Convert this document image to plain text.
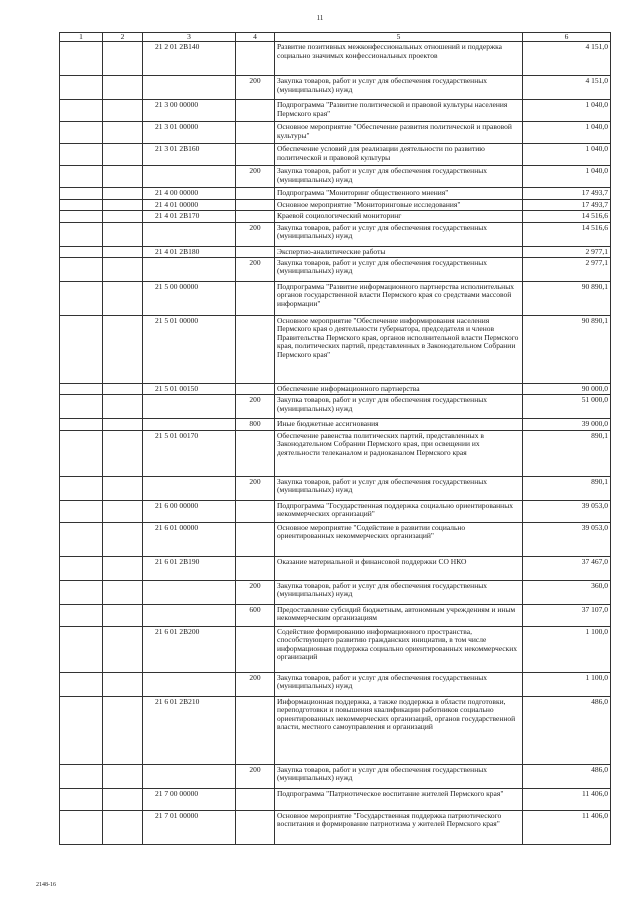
11
1	2	3	4	5	6
		21 2 01 2В140		Развитие позитивных межконфессиональных отношений и поддержка социально значимых конфессиональных проектов	4 151,0
			200	Закупка товаров, работ и услуг для обеспечения государственных (муниципальных) нужд	4 151,0
		21 3 00 00000		Подпрограмма "Развитие политической и правовой культуры населения Пермского края"	1 040,0
		21 3 01 00000		Основное мероприятие "Обеспечение развития политической и правовой культуры"	1 040,0
		21 3 01 2В160		Обеспечение условий для реализации деятельности по развитию политической и правовой культуры	1 040,0
			200	Закупка товаров, работ и услуг для обеспечения государственных (муниципальных) нужд	1 040,0
		21 4 00 00000		Подпрограмма "Мониторинг общественного мнения"	17 493,7
		21 4 01 00000		Основное мероприятие "Мониторинговые исследования"	17 493,7
		21 4 01 2В170		Краевой социологический мониторинг	14 516,6
			200	Закупка товаров, работ и услуг для обеспечения государственных (муниципальных) нужд	14 516,6
		21 4 01 2В180		Экспертно-аналитические работы	2 977,1
			200	Закупка товаров, работ и услуг для обеспечения государственных (муниципальных) нужд	2 977,1
		21 5 00 00000		Подпрограмма "Развитие информационного партнерства исполнительных органов государственной власти Пермского края со средствами массовой информации"	90 890,1
		21 5 01 00000		Основное мероприятие "Обеспечение информирования населения Пермского края о деятельности губернатора, председателя и членов Правительства Пермского края, органов исполнительной власти Пермского края, политических партий, представленных в Законодательном Собрании Пермского края"	90 890,1
		21 5 01 00150		Обеспечение информационного партнерства	90 000,0
			200	Закупка товаров, работ и услуг для обеспечения государственных (муниципальных) нужд	51 000,0
			800	Иные бюджетные ассигнования	39 000,0
		21 5 01 00170		Обеспечение равенства политических партий, представленных в Законодательном Собрании Пермского края, при освещении их деятельности телеканалом и радиоканалом Пермского края	890,1
			200	Закупка товаров, работ и услуг для обеспечения государственных (муниципальных) нужд	890,1
		21 6 00 00000		Подпрограмма "Государственная поддержка социально ориентированных некоммерческих организаций"	39 053,0
		21 6 01 00000		Основное мероприятие "Содействие в развитии социально ориентированных некоммерческих организаций"	39 053,0
		21 6 01 2В190		Оказание материальной и финансовой поддержки СО НКО	37 467,0
			200	Закупка товаров, работ и услуг для обеспечения государственных (муниципальных) нужд	360,0
			600	Предоставление субсидий бюджетным, автономным учреждениям и иным некоммерческим организациям	37 107,0
		21 6 01 2В200		Содействие формированию информационного пространства, способствующего развитию гражданских инициатив, в том числе информационная поддержка социально ориентированных некоммерческих организаций	1 100,0
			200	Закупка товаров, работ и услуг для обеспечения государственных (муниципальных) нужд	1 100,0
		21 6 01 2В210		Информационная поддержка, а также поддержка в области подготовки, переподготовки и повышения квалификации работников социально ориентированных некоммерческих организаций, органов государственной власти, местного самоуправления и организаций	486,0
			200	Закупка товаров, работ и услуг для обеспечения государственных (муниципальных) нужд	486,0
		21 7 00 00000		Подпрограмма "Патриотическое воспитание жителей Пермского края"	11 406,0
		21 7 01 00000		Основное мероприятие "Государственная поддержка патриотического воспитания и формирование патриотизма у жителей Пермского края"	11 406,0
2148-16
